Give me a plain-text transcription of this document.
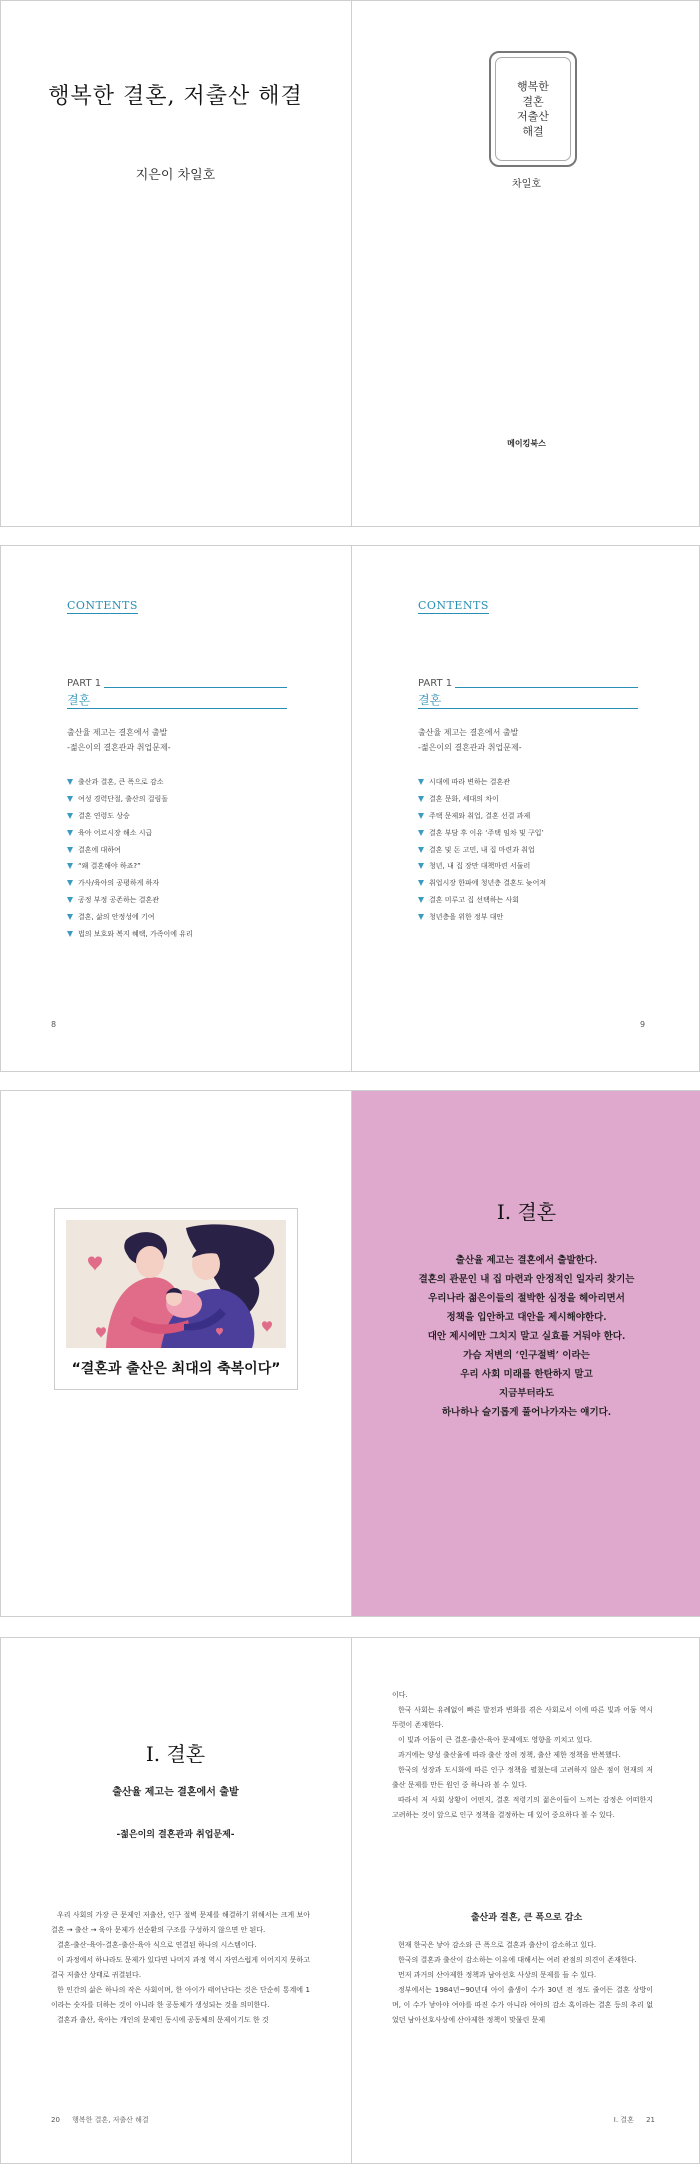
행복한 결혼, 저출산 해결
지은이 차일호
행복한
결혼
저출산
해결
차일호
메이킹북스
CONTENTS
PART 1
결혼
출산율 제고는 결혼에서 출발
-젊은이의 결혼관과 취업문제-
출산과 결혼, 큰 폭으로 감소
여성 경력단절, 출산의 걸림돌
결혼 연령도 상승
육아 어르시장 해소 시급
결혼에 대하여
“왜 결혼해야 하죠?”
가사/육아의 공평하게 하자
공정 부정 공존하는 결혼관
결혼, 삶의 안정성에 기여
법의 보호와 복지 혜택, 가족이에 유리
8
CONTENTS
PART 1
결혼
출산율 제고는 결혼에서 출발
-젊은이의 결혼관과 취업문제-
시대에 따라 변하는 결혼관
결혼 문화, 세대의 차이
주택 문제와 취업, 결혼 선결 과제
결혼 부담 후 이유 ‘주택 임차 및 구입’
결혼 및 돈 고민, 내 집 마련과 취업
청년, 내 집 장만 대책마련 서둘러
취업시장 한파에 청년층 결혼도 늦어져
결혼 미루고 집 선택하는 사회
청년층을 위한 정부 대안
9
“결혼과 출산은 최대의 축복이다”
I. 결혼
출산율 제고는 결혼에서 출발한다.
결혼의 관문인 내 집 마련과 안정적인 일자리 찾기는
우리나라 젊은이들의 절박한 심정을 헤아리면서
정책을 입안하고 대안을 제시해야한다.
대안 제시에만 그치지 말고 실효를 거둬야 한다.
가슴 저변의 ‘인구절벽’ 이라는
우리 사회 미래를 한탄하지 말고
지금부터라도
하나하나 슬기롭게 풀어나가자는 얘기다.
I. 결혼
출산율 제고는 결혼에서 출발
-젊은이의 결혼관과 취업문제-

우리 사회의 가장 큰 문제인 저출산, 인구 절벽 문제를 해결하기 위해서는 크게 보아 결혼 → 출산 → 육아 문제가 선순환의 구조를 구성하지 않으면 안 된다.

결혼-출산-육아-결혼-출산-육아 식으로 연결된 하나의 시스템이다.

이 과정에서 하나라도 문제가 있다면 나머지 과정 역시 자연스럽게 이어지지 못하고 결국 저출산 상태로 귀결된다.

한 인간의 삶은 하나의 작은 사회이며, 한 아이가 태어난다는 것은 단순히 통계에 1이라는 숫자를 더하는 것이 아니라 한 공동체가 생성되는 것을 의미한다.

결혼과 출산, 육아는 개인의 문제인 동시에 공동체의 문제이기도 한 것

20 행복한 결혼, 저출산 해결

이다.

한국 사회는 유례없이 빠른 발전과 변화를 겪은 사회로서 이에 따른 빛과 어둠 역시 뚜렷이 존재한다.

이 빛과 어둠이 큰 결혼-출산-육아 문제에도 영향을 끼치고 있다.

과거에는 양성 출산율에 따라 출산 장려 정책, 출산 제한 정책을 반복했다.

한국의 성장과 도시화에 따른 인구 정책을 펼쳤는데 고려하지 않은 점이 현재의 저 출산 문제를 만든 원인 중 하나라 볼 수 있다.

따라서 저 사회 상황이 어떤지, 결혼 적령기의 젊은이들이 느끼는 감정은 어떠한지 고려하는 것이 앞으로 인구 정책을 결정하는 데 있어 중요하다 볼 수 있다.

출산과 결혼, 큰 폭으로 감소

현재 한국은 낳아 감소와 큰 폭으로 결혼과 출산이 감소하고 있다.

한국의 결혼과 출산이 감소하는 이유에 대해서는 여러 관점의 의견이 존재한다.

먼저 과거의 산아제한 정책과 남아선호 사상의 문제를 들 수 있다.

정부에서는 1984년~90년대 아이 출생이 수가 30년 전 정도 줄어든 결혼 상방이며, 이 수가 낳아야 여야를 따진 수가 아니라 여아의 감소 혹이라는 결혼 등의 추리 없었던 남아선호사상에 산아제한 정책이 맞물린 문제

I. 결혼 21
